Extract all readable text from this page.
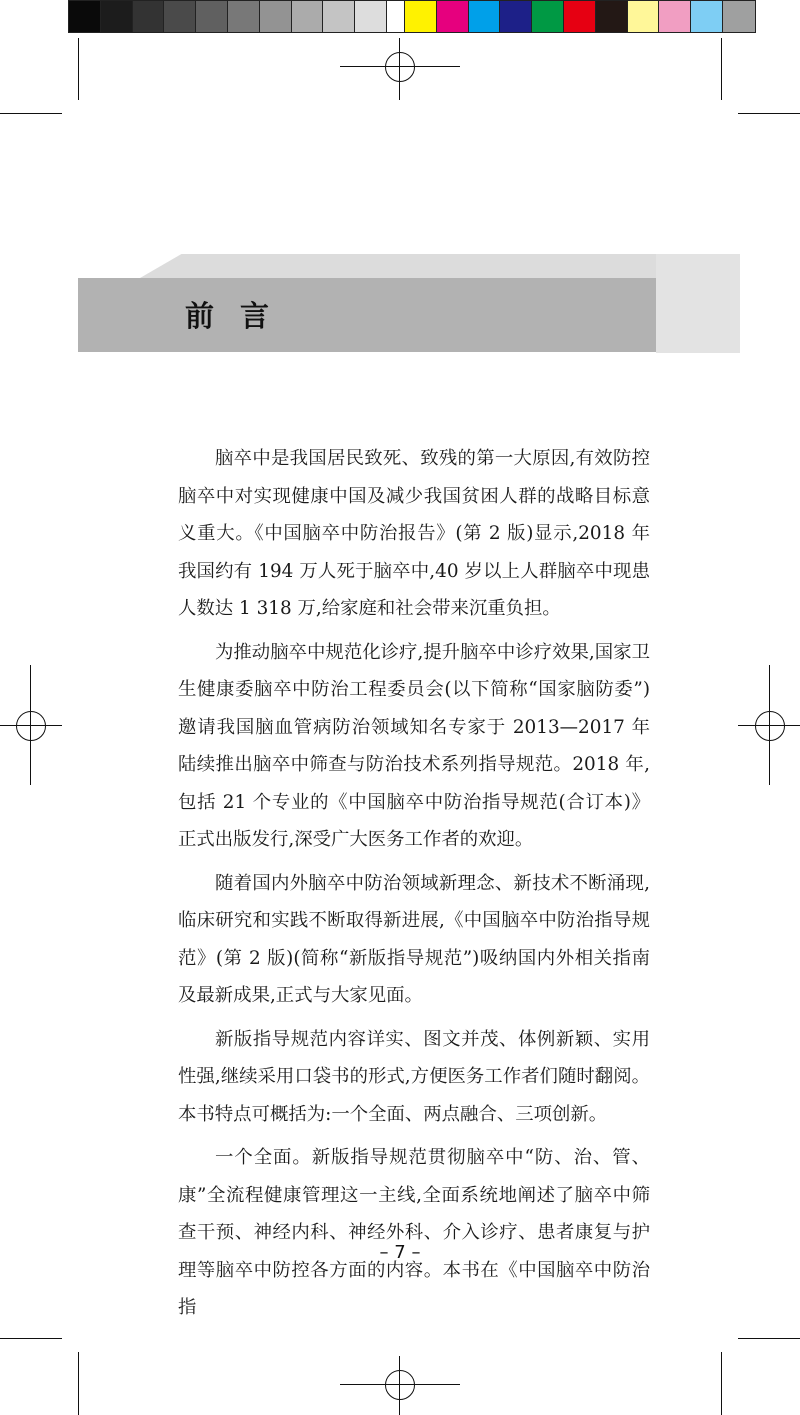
前言

脑卒中是我国居民致死、致残的第一大原因,有效防控脑卒中对实现健康中国及减少我国贫困人群的战略目标意义重大。《中国脑卒中防治报告》(第 2 版)显示,2018 年我国约有 194 万人死于脑卒中,40 岁以上人群脑卒中现患人数达 1 318 万,给家庭和社会带来沉重负担。

为推动脑卒中规范化诊疗,提升脑卒中诊疗效果,国家卫生健康委脑卒中防治工程委员会(以下简称“国家脑防委”)邀请我国脑血管病防治领域知名专家于 2013—2017 年陆续推出脑卒中筛查与防治技术系列指导规范。2018 年,包括 21 个专业的《中国脑卒中防治指导规范(合订本)》正式出版发行,深受广大医务工作者的欢迎。

随着国内外脑卒中防治领域新理念、新技术不断涌现,临床研究和实践不断取得新进展,《中国脑卒中防治指导规范》(第 2 版)(简称“新版指导规范”)吸纳国内外相关指南及最新成果,正式与大家见面。

新版指导规范内容详实、图文并茂、体例新颖、实用性强,继续采用口袋书的形式,方便医务工作者们随时翻阅。本书特点可概括为:一个全面、两点融合、三项创新。

一个全面。新版指导规范贯彻脑卒中“防、治、管、康”全流程健康管理这一主线,全面系统地阐述了脑卒中筛查干预、神经内科、神经外科、介入诊疗、患者康复与护理等脑卒中防控各方面的内容。本书在《中国脑卒中防治指

– 7 –
